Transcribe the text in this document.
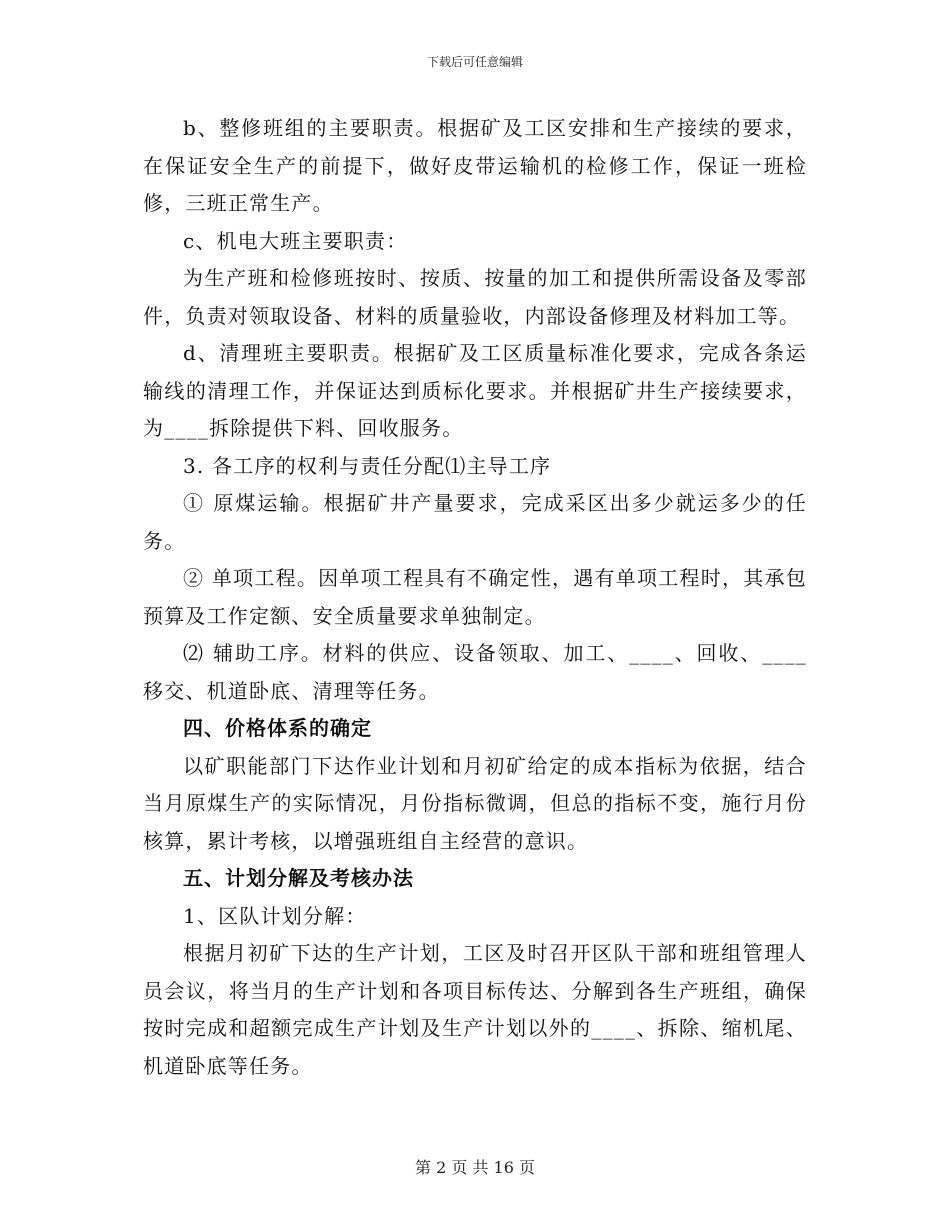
下载后可任意编辑

b、整修班组的主要职责。根据矿及工区安排和生产接续的要求，在保证安全生产的前提下，做好皮带运输机的检修工作，保证一班检修，三班正常生产。

c、机电大班主要职责：

为生产班和检修班按时、按质、按量的加工和提供所需设备及零部件，负责对领取设备、材料的质量验收，内部设备修理及材料加工等。

d、清理班主要职责。根据矿及工区质量标准化要求，完成各条运输线的清理工作，并保证达到质标化要求。并根据矿井生产接续要求，为____拆除提供下料、回收服务。

3. 各工序的权利与责任分配⑴主导工序

① 原煤运输。根据矿井产量要求，完成采区出多少就运多少的任务。

② 单项工程。因单项工程具有不确定性，遇有单项工程时，其承包预算及工作定额、安全质量要求单独制定。

⑵ 辅助工序。材料的供应、设备领取、加工、____、回收、____移交、机道卧底、清理等任务。

四、价格体系的确定

以矿职能部门下达作业计划和月初矿给定的成本指标为依据，结合当月原煤生产的实际情况，月份指标微调，但总的指标不变，施行月份核算，累计考核，以增强班组自主经营的意识。

五、计划分解及考核办法

1、区队计划分解：

根据月初矿下达的生产计划，工区及时召开区队干部和班组管理人员会议，将当月的生产计划和各项目标传达、分解到各生产班组，确保按时完成和超额完成生产计划及生产计划以外的____、拆除、缩机尾、机道卧底等任务。

第 2 页 共 16 页
